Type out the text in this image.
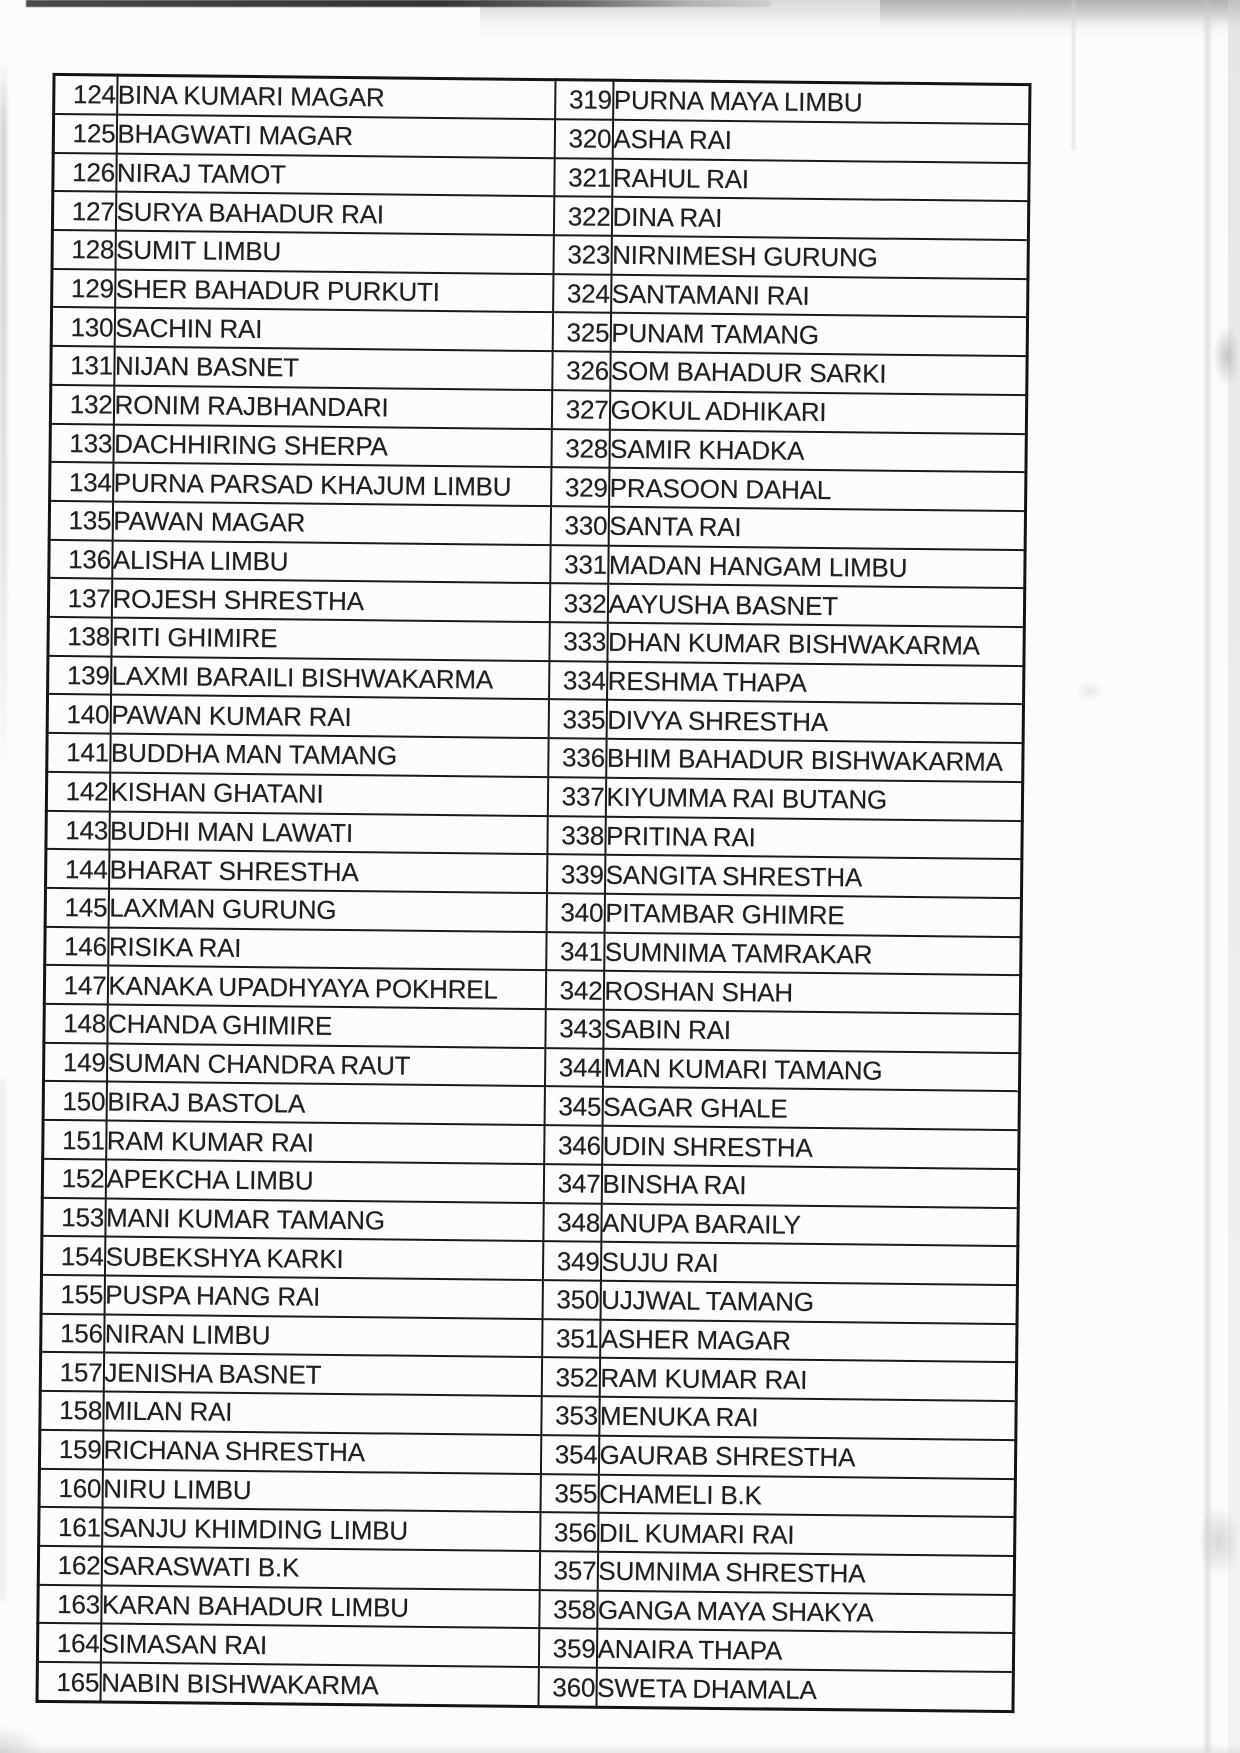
124	BINA KUMARI MAGAR	319	PURNA MAYA LIMBU
125	BHAGWATI MAGAR	320	ASHA RAI
126	NIRAJ TAMOT	321	RAHUL RAI
127	SURYA BAHADUR RAI	322	DINA RAI
128	SUMIT LIMBU	323	NIRNIMESH GURUNG
129	SHER BAHADUR PURKUTI	324	SANTAMANI RAI
130	SACHIN RAI	325	PUNAM TAMANG
131	NIJAN BASNET	326	SOM BAHADUR SARKI
132	RONIM RAJBHANDARI	327	GOKUL ADHIKARI
133	DACHHIRING SHERPA	328	SAMIR KHADKA
134	PURNA PARSAD KHAJUM LIMBU	329	PRASOON DAHAL
135	PAWAN MAGAR	330	SANTA RAI
136	ALISHA LIMBU	331	MADAN HANGAM LIMBU
137	ROJESH SHRESTHA	332	AAYUSHA BASNET
138	RITI GHIMIRE	333	DHAN KUMAR BISHWAKARMA
139	LAXMI BARAILI BISHWAKARMA	334	RESHMA THAPA
140	PAWAN KUMAR RAI	335	DIVYA SHRESTHA
141	BUDDHA MAN TAMANG	336	BHIM BAHADUR BISHWAKARMA
142	KISHAN GHATANI	337	KIYUMMA RAI BUTANG
143	BUDHI MAN LAWATI	338	PRITINA RAI
144	BHARAT SHRESTHA	339	SANGITA SHRESTHA
145	LAXMAN GURUNG	340	PITAMBAR GHIMRE
146	RISIKA RAI	341	SUMNIMA TAMRAKAR
147	KANAKA UPADHYAYA POKHREL	342	ROSHAN SHAH
148	CHANDA GHIMIRE	343	SABIN RAI
149	SUMAN CHANDRA RAUT	344	MAN KUMARI TAMANG
150	BIRAJ BASTOLA	345	SAGAR GHALE
151	RAM KUMAR RAI	346	UDIN SHRESTHA
152	APEKCHA LIMBU	347	BINSHA RAI
153	MANI KUMAR TAMANG	348	ANUPA BARAILY
154	SUBEKSHYA KARKI	349	SUJU RAI
155	PUSPA HANG RAI	350	UJJWAL TAMANG
156	NIRAN LIMBU	351	ASHER MAGAR
157	JENISHA BASNET	352	RAM KUMAR RAI
158	MILAN RAI	353	MENUKA RAI
159	RICHANA SHRESTHA	354	GAURAB SHRESTHA
160	NIRU LIMBU	355	CHAMELI B.K
161	SANJU KHIMDING LIMBU	356	DIL KUMARI RAI
162	SARASWATI B.K	357	SUMNIMA SHRESTHA
163	KARAN BAHADUR LIMBU	358	GANGA MAYA SHAKYA
164	SIMASAN RAI	359	ANAIRA THAPA
165	NABIN BISHWAKARMA	360	SWETA DHAMALA
